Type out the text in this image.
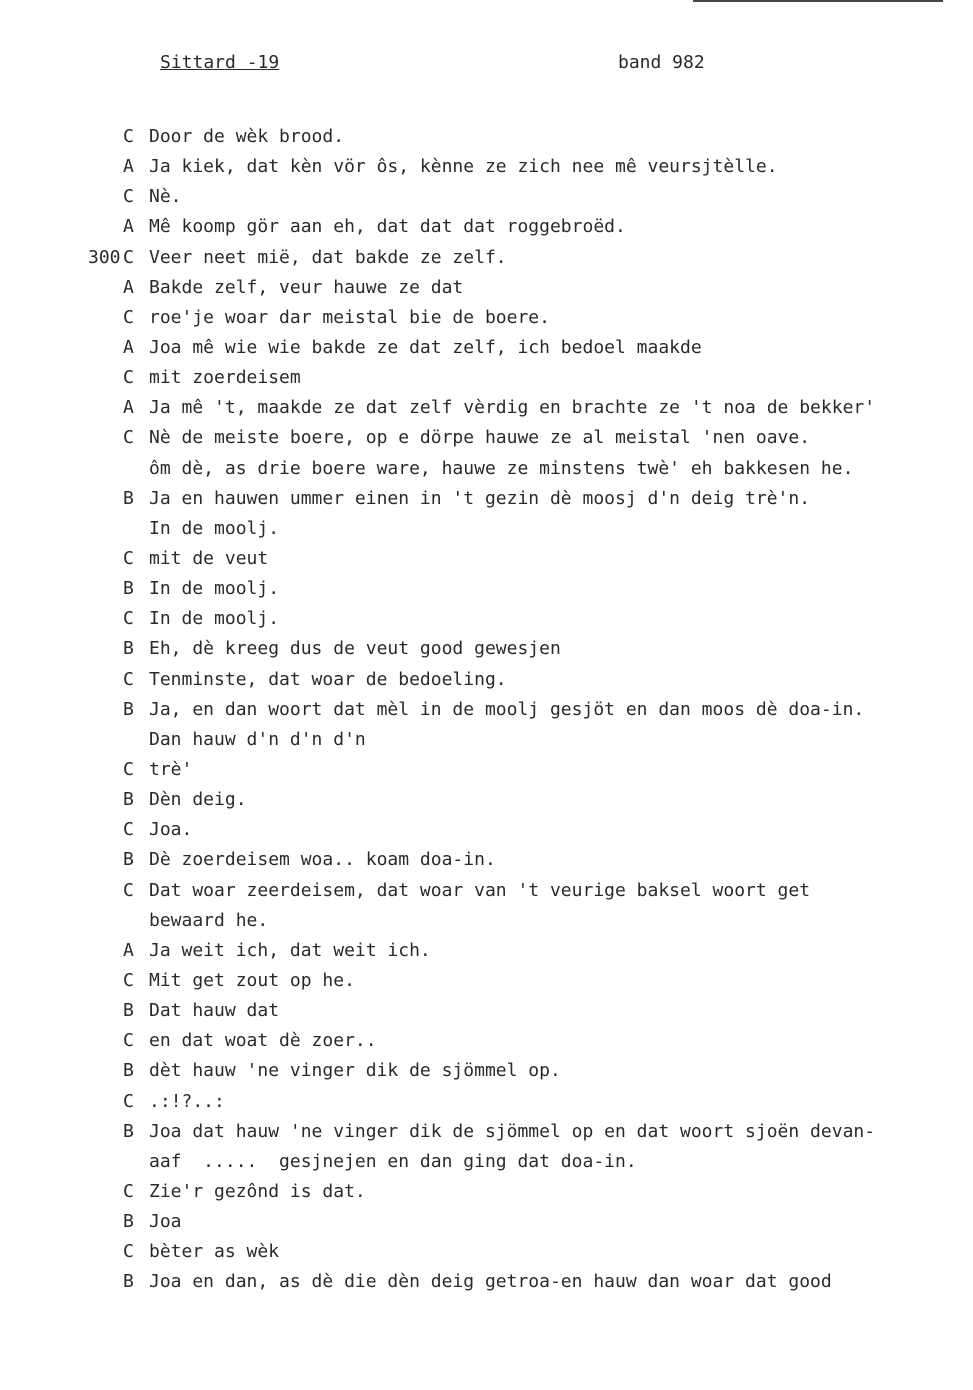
Sittard -19	band 982
C Door de wèk brood.
A Ja kiek, dat kèn vör ôs, kènne ze zich nee mê veursjtèlle.
C Nè.
A Mê koomp gör aan eh, dat dat dat roggebroëd.
300 C Veer neet mië, dat bakde ze zelf.
A Bakde zelf, veur hauwe ze dat
C roe'je woar dar meistal bie de boere.
A Joa mê wie wie bakde ze dat zelf, ich bedoel maakde
C mit zoerdeisem
A Ja mê 't, maakde ze dat zelf vèrdig en brachte ze 't noa de bekker'
C Nè de meiste boere, op e dörpe hauwe ze al meistal 'nen oave.
ôm dè, as drie boere ware, hauwe ze minstens twè' eh bakkesen he.
B Ja en hauwen ummer einen in 't gezin dè moosj d'n deig trè'n.
In de moolj.
C mit de veut
B In de moolj.
C In de moolj.
B Eh, dè kreeg dus de veut good gewesjen
C Tenminste, dat woar de bedoeling.
B Ja, en dan woort dat mèl in de moolj gesjöt en dan moos dè doa-in.
Dan hauw d'n d'n d'n
C trè'
B Dèn deig.
C Joa.
B Dè zoerdeisem woa.. koam doa-in.
C Dat woar zeerdeisem, dat woar van 't veurige baksel woort get
bewaard he.
A Ja weit ich, dat weit ich.
C Mit get zout op he.
B Dat hauw dat
C en dat woat dè zoer..
B dèt hauw 'ne vinger dik de sjömmel op.
C .:!?..:
B Joa dat hauw 'ne vinger dik de sjömmel op en dat woort sjoën devan-
aaf  .....  gesjnejen en dan ging dat doa-in.
C Zie'r gezônd is dat.
B Joa
C bèter as wèk
B Joa en dan, as dè die dèn deig getroa-en hauw dan woar dat good
